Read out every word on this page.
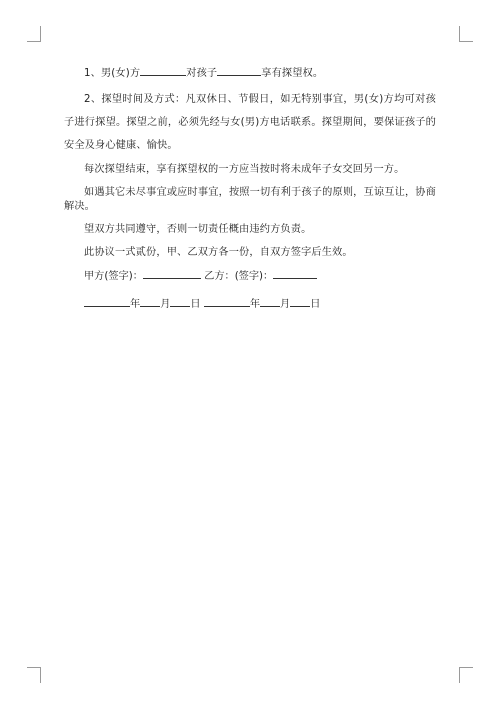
1、男(女)方	对孩子	享有探望权。

2、探望时间及方式：凡双休日、节假日，如无特别事宜，男(女)方均可对孩子进行探望。探望之前，必须先经与女(男)方电话联系。探望期间，要保证孩子的安全及身心健康、愉快。

每次探望结束，享有探望权的一方应当按时将未成年子女交回另一方。

如遇其它未尽事宜或应时事宜，按照一切有利于孩子的原则，互谅互让，协商解决。

望双方共同遵守，否则一切责任概由违约方负责。

此协议一式贰份，甲、乙双方各一份，自双方签字后生效。

甲方(签字)：	乙方：(签字)：

年 月 日	年 月 日
